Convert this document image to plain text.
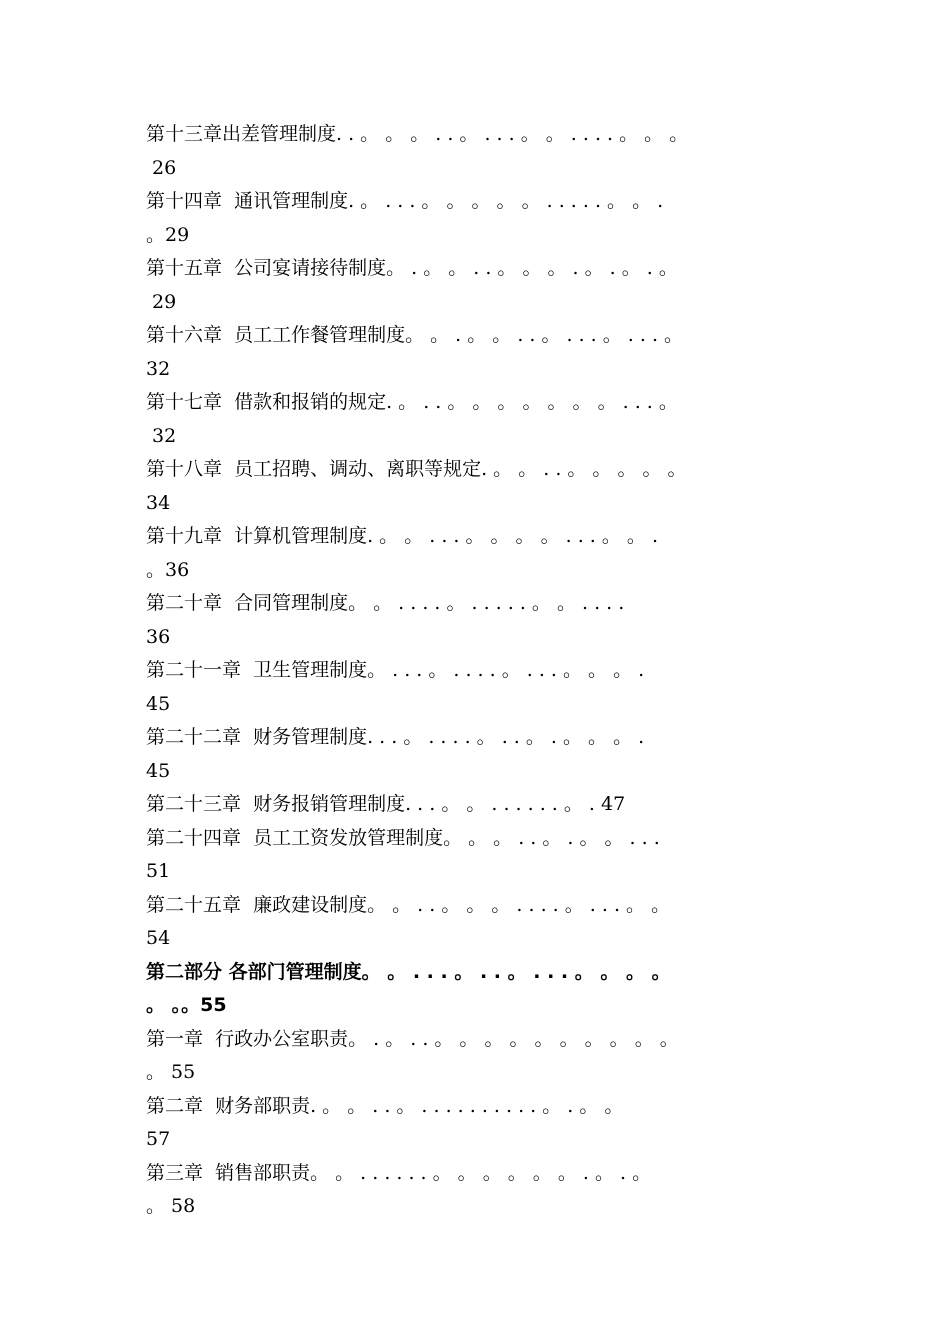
第十三章出差管理制度. . 。 。 。 . . 。 . . . 。 。 . . . . 。 。 。
26
第十四章  通讯管理制度. 。 . . . 。 。 。 。 。 . . . . . 。 。 .
。29
第十五章  公司宴请接待制度。 . 。 。 . . 。 。 。 . 。 . 。 . 。
29
第十六章  员工工作餐管理制度。 。 . 。 。 . . 。 . . . 。 . . . 。
32
第十七章  借款和报销的规定. 。 . . 。 。 。 。 。 。 。 . . . 。
32
第十八章  员工招聘、调动、离职等规定. 。 。 . . 。 。 。 。 。
34
第十九章  计算机管理制度. 。 。 . . . 。 。 。 。 . . . 。 。 .
。36
第二十章  合同管理制度。 。 . . . . 。 . . . . . 。 。 . . . .
36
第二十一章  卫生管理制度。 . . . 。 . . . . 。 . . . 。 。 。 .
45
第二十二章  财务管理制度. . . 。 . . . . 。 . . 。 . 。 。 。 .
45
第二十三章  财务报销管理制度. . . 。 。 . . . . . . 。 . 47
第二十四章  员工工资发放管理制度。 。 。 . . 。 . 。 。 . . .
51
第二十五章  廉政建设制度。 。 . . 。 。 。 . . . . 。 . . . 。 。
54
第二部分 各部门管理制度。 。 . . . 。 . . 。 . . . 。 。 。 。
。 。。55
第一章  行政办公室职责。 . 。 . . 。 。 。 。 。 。 。 。 。 。
。 55
第二章  财务部职责. 。 。 . . 。 . . . . . . . . . . 。 . 。 。
57
第三章  销售部职责。 。 . . . . . . 。 。 。 。 。 。 . 。 . 。
。 58
